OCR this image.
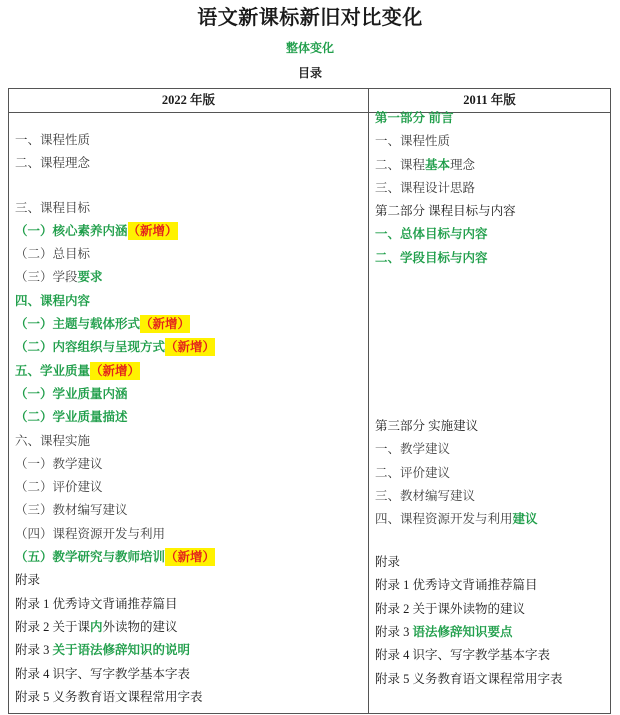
语文新课标新旧对比变化
整体变化
目录
2022 年版
一、课程性质
二、课程理念
三、课程目标
（一）核心素养内涵（新增）
（二）总目标
（三）学段要求
四、课程内容
（一）主题与载体形式（新增）
（二）内容组织与呈现方式（新增）
五、学业质量（新增）
（一）学业质量内涵
（二）学业质量描述
六、课程实施
（一）教学建议
（二）评价建议
（三）教材编写建议
（四）课程资源开发与利用
（五）教学研究与教师培训（新增）
附录
附录 1 优秀诗文背诵推荐篇目
附录 2 关于课内外读物的建议
附录 3 关于语法修辞知识的说明
附录 4 识字、写字教学基本字表
附录 5 义务教育语文课程常用字表
2011 年版
第一部分 前言
一、课程性质
二、课程基本理念
三、课程设计思路
第二部分 课程目标与内容
一、总体目标与内容
二、学段目标与内容
第三部分 实施建议
一、教学建议
二、评价建议
三、教材编写建议
四、课程资源开发与利用建议
附录
附录 1 优秀诗文背诵推荐篇目
附录 2 关于课外读物的建议
附录 3 语法修辞知识要点
附录 4 识字、写字教学基本字表
附录 5 义务教育语文课程常用字表
